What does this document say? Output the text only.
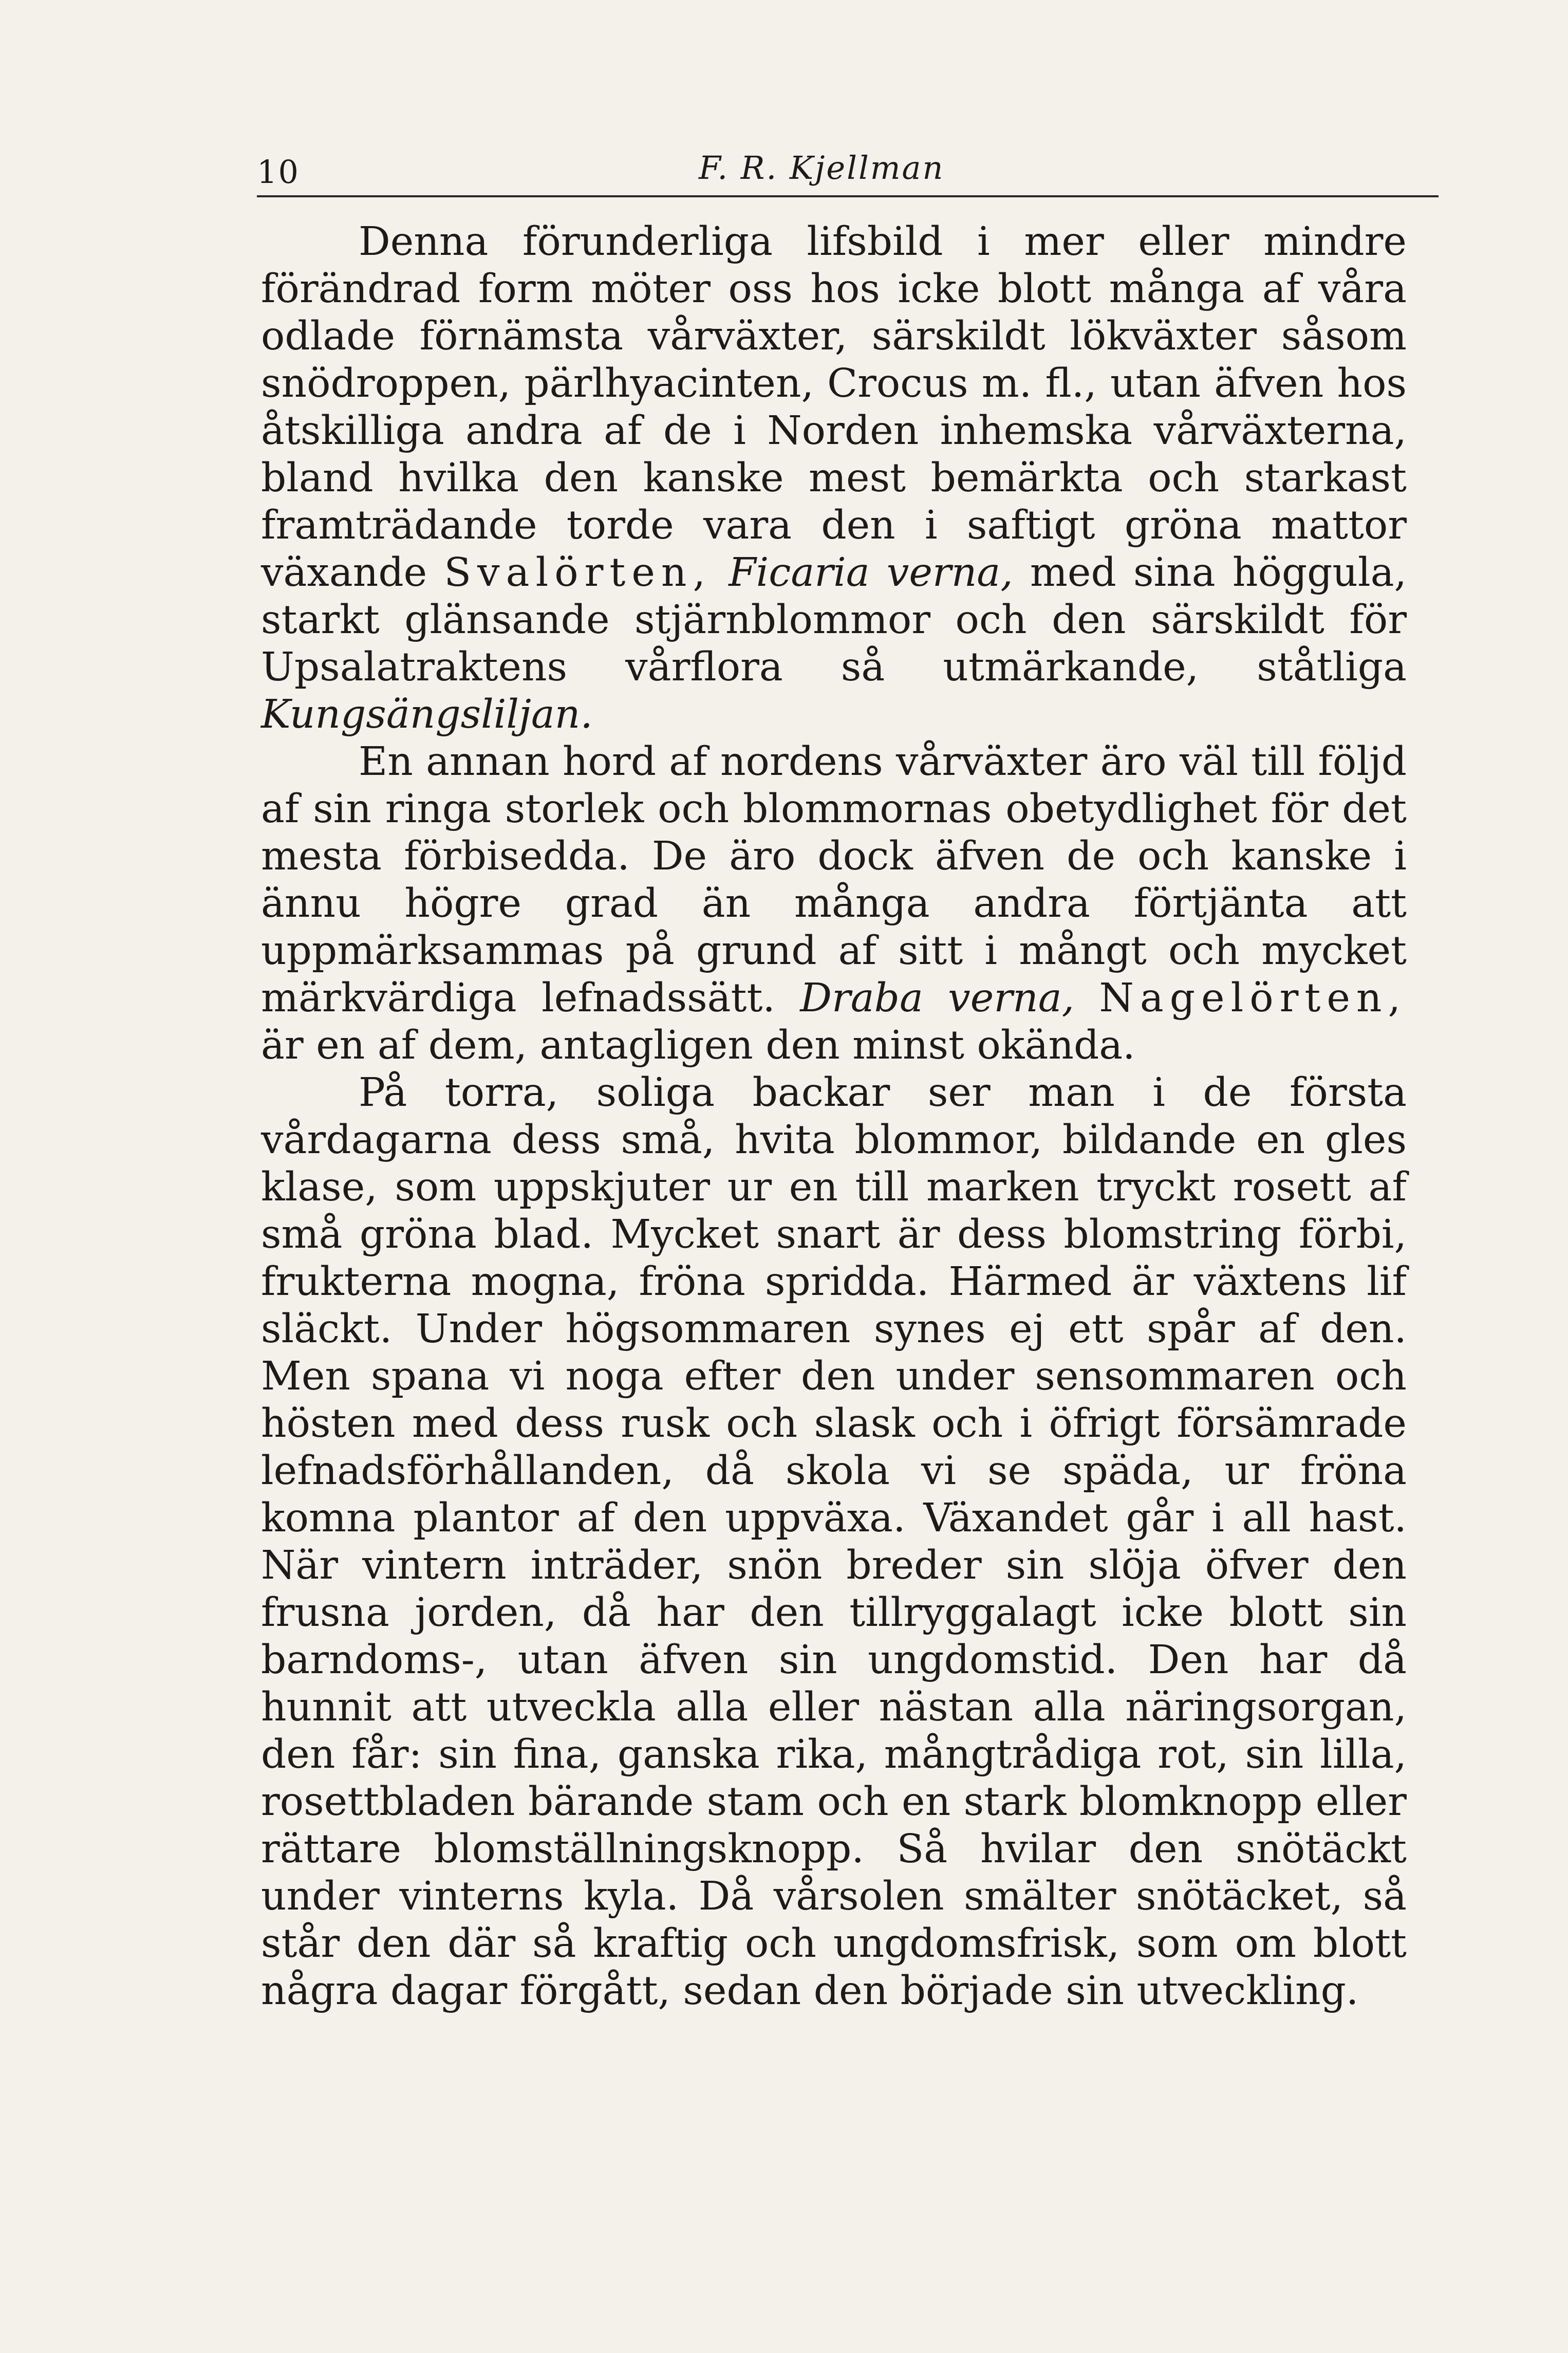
10	F. R. Kjellman

Denna förunderliga lifsbild i mer eller mindre förändrad form möter oss hos icke blott många af våra odlade förnämsta vårväxter, särskildt lökväxter såsom snödroppen, pärlhyacinten, Crocus m. fl., utan äfven hos åtskilliga andra af de i Norden inhemska vårväxterna, bland hvilka den kanske mest bemärkta och starkast framträdande torde vara den i saftigt gröna mattor växande Svalörten, Ficaria verna, med sina höggula, starkt glänsande stjärnblommor och den särskildt för Upsalatraktens vårflora så utmärkande, ståtliga Kungsängsliljan.

En annan hord af nordens vårväxter äro väl till följd af sin ringa storlek och blommornas obetydlighet för det mesta förbisedda. De äro dock äfven de och kanske i ännu högre grad än många andra förtjänta att uppmärksammas på grund af sitt i mångt och mycket märkvärdiga lefnadssätt. Draba verna, Nagelörten, är en af dem, antagligen den minst okända.

På torra, soliga backar ser man i de första vårdagarna dess små, hvita blommor, bildande en gles klase, som uppskjuter ur en till marken tryckt rosett af små gröna blad. Mycket snart är dess blomstring förbi, frukterna mogna, fröna spridda. Härmed är växtens lif släckt. Under högsommaren synes ej ett spår af den. Men spana vi noga efter den under sensommaren och hösten med dess rusk och slask och i öfrigt försämrade lefnadsförhållanden, då skola vi se späda, ur fröna komna plantor af den uppväxa. Växandet går i all hast. När vintern inträder, snön breder sin slöja öfver den frusna jorden, då har den tillryggalagt icke blott sin barndoms-, utan äfven sin ungdomstid. Den har då hunnit att utveckla alla eller nästan alla näringsorgan, den får: sin fina, ganska rika, mångtrådiga rot, sin lilla, rosettbladen bärande stam och en stark blomknopp eller rättare blomställningsknopp. Så hvilar den snötäckt under vinterns kyla. Då vårsolen smälter snötäcket, så står den där så kraftig och ungdomsfrisk, som om blott några dagar förgått, sedan den började sin utveckling.
